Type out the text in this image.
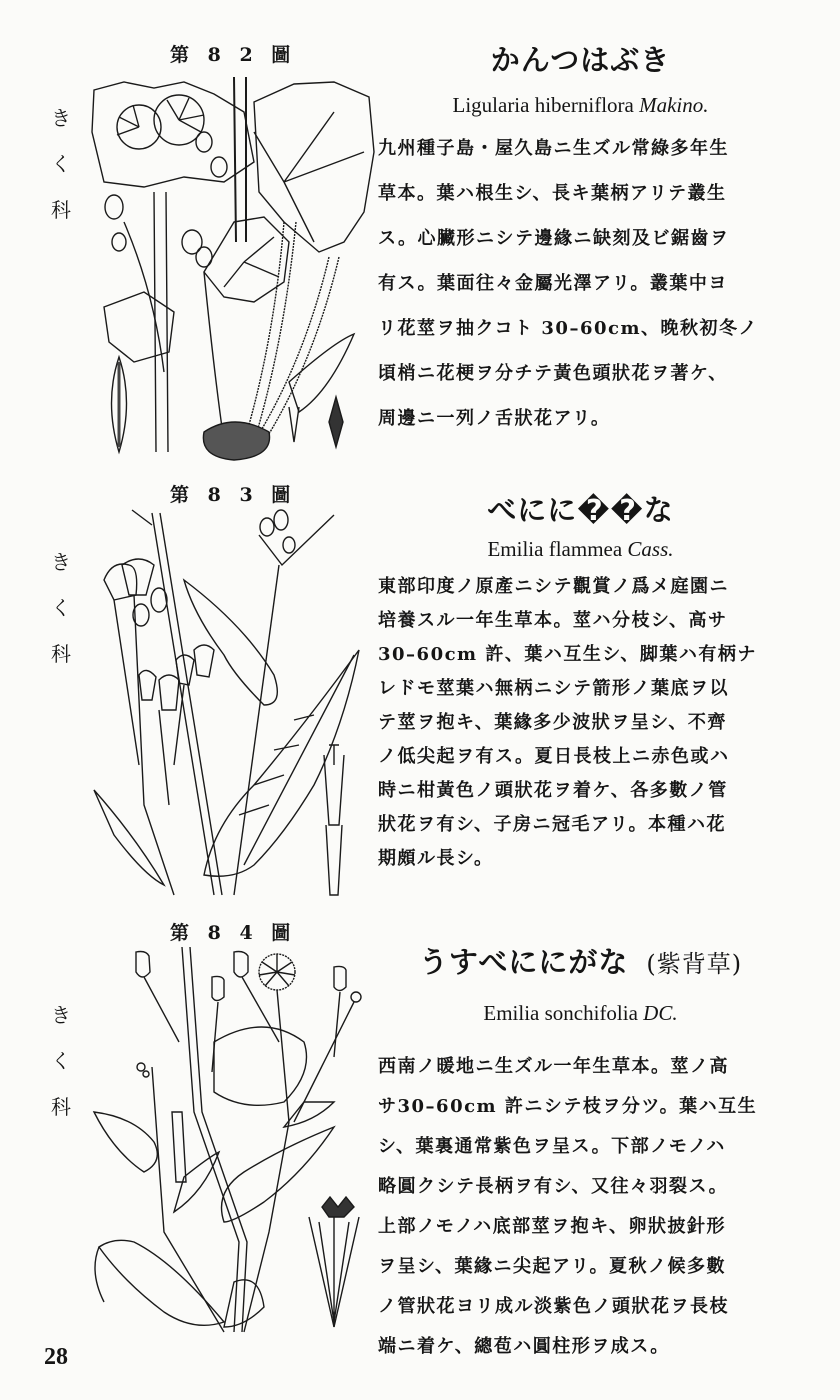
第 8 2 圖
き
く
科
かんつはぶき
Ligularia hiberniflora Makino.
九州種子島・屋久島ニ生ズル常綠多年生
草本。葉ハ根生シ、長キ葉柄アリテ叢生
ス。心臟形ニシテ邊緣ニ缺刻及ビ鋸齒ヲ
有ス。葉面往々金屬光澤アリ。叢葉中ヨ
リ花莖ヲ抽クコト 30–60cm、晚秋初冬ノ
頃梢ニ花梗ヲ分チテ黃色頭狀花ヲ著ケ、
周邊ニ一列ノ舌狀花アリ。
第 8 3 圖
き
く
科
べにに��な
Emilia flammea Cass.
東部印度ノ原產ニシテ觀賞ノ爲メ庭園ニ
培養スル一年生草本。莖ハ分枝シ、高サ
30–60cm 許、葉ハ互生シ、脚葉ハ有柄ナ
レドモ莖葉ハ無柄ニシテ箭形ノ葉底ヲ以
テ莖ヲ抱キ、葉緣多少波狀ヲ呈シ、不齊
ノ低尖起ヲ有ス。夏日長枝上ニ赤色或ハ
時ニ柑黃色ノ頭狀花ヲ着ケ、各多數ノ管
狀花ヲ有シ、子房ニ冠毛アリ。本種ハ花
期頗ル長シ。
第 8 4 圖
き
く
科
うすべににがな (紫背草)
Emilia sonchifolia DC.
西南ノ暖地ニ生ズル一年生草本。莖ノ高
サ30–60cm 許ニシテ枝ヲ分ツ。葉ハ互生
シ、葉裏通常紫色ヲ呈ス。下部ノモノハ
略圓クシテ長柄ヲ有シ、又往々羽裂ス。
上部ノモノハ底部莖ヲ抱キ、卵狀披針形
ヲ呈シ、葉緣ニ尖起アリ。夏秋ノ候多數
ノ管狀花ヨリ成ル淡紫色ノ頭狀花ヲ長枝
端ニ着ケ、總苞ハ圓柱形ヲ成ス。
28
